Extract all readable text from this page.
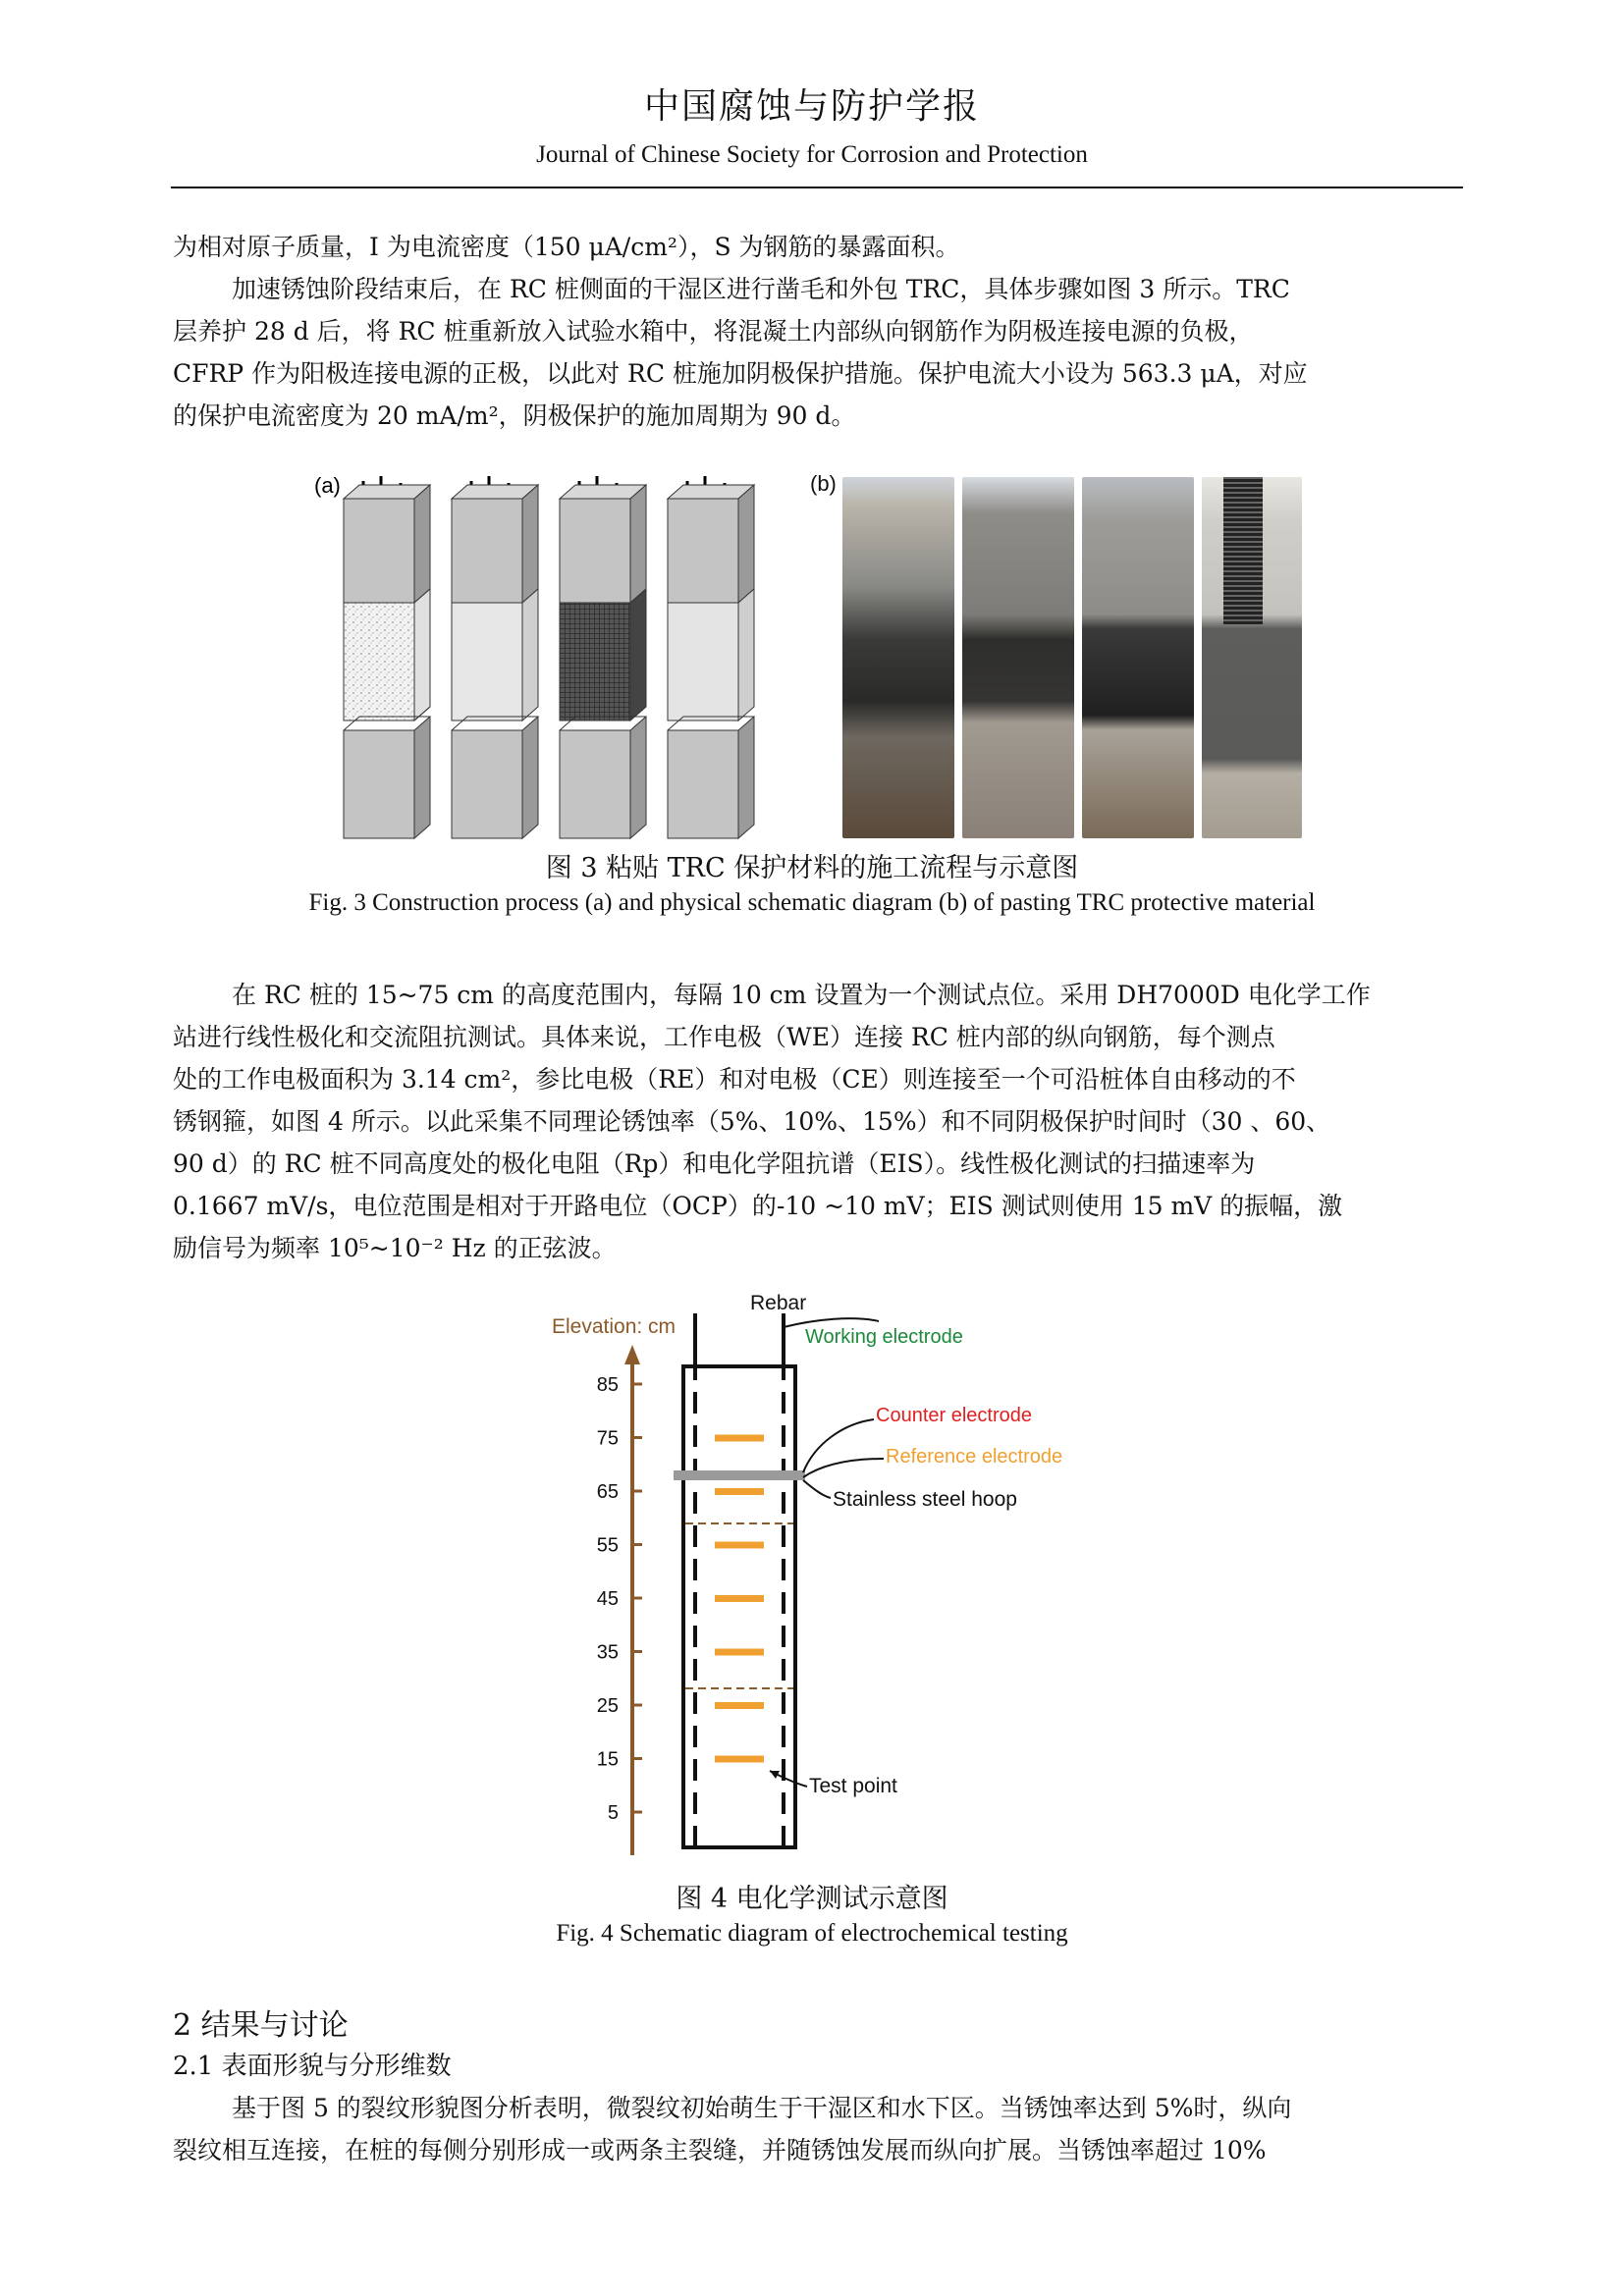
中国腐蚀与防护学报
Journal of Chinese Society for Corrosion and Protection
为相对原子质量，I 为电流密度（150 μA/cm²），S 为钢筋的暴露面积。
加速锈蚀阶段结束后，在 RC 桩侧面的干湿区进行凿毛和外包 TRC，具体步骤如图 3 所示。TRC
层养护 28 d 后，将 RC 桩重新放入试验水箱中，将混凝土内部纵向钢筋作为阴极连接电源的负极，
CFRP 作为阳极连接电源的正极，以此对 RC 桩施加阴极保护措施。保护电流大小设为 563.3 μA，对应
的保护电流密度为 20 mA/m²，阴极保护的施加周期为 90 d。
(a)	(b)
图 3 粘贴 TRC 保护材料的施工流程与示意图
Fig. 3 Construction process (a) and physical schematic diagram (b) of pasting TRC protective material
在 RC 桩的 15~75 cm 的高度范围内，每隔 10 cm 设置为一个测试点位。采用 DH7000D 电化学工作
站进行线性极化和交流阻抗测试。具体来说，工作电极（WE）连接 RC 桩内部的纵向钢筋，每个测点
处的工作电极面积为 3.14 cm²，参比电极（RE）和对电极（CE）则连接至一个可沿桩体自由移动的不
锈钢箍，如图 4 所示。以此采集不同理论锈蚀率（5%、10%、15%）和不同阴极保护时间时（30 、60、
90 d）的 RC 桩不同高度处的极化电阻（Rp）和电化学阻抗谱（EIS）。线性极化测试的扫描速率为
0.1667 mV/s，电位范围是相对于开路电位（OCP）的-10 ~10 mV；EIS 测试则使用 15 mV 的振幅，激
励信号为频率 10⁵~10⁻² Hz 的正弦波。
Elevation: cm
85
75
65
55
45
35
25
15
5
Rebar
Working electrode
Counter electrode
Reference electrode
Stainless steel hoop
Test point
图 4 电化学测试示意图
Fig. 4 Schematic diagram of electrochemical testing
2 结果与讨论
2.1 表面形貌与分形维数
基于图 5 的裂纹形貌图分析表明，微裂纹初始萌生于干湿区和水下区。当锈蚀率达到 5%时，纵向
裂纹相互连接，在桩的每侧分别形成一或两条主裂缝，并随锈蚀发展而纵向扩展。当锈蚀率超过 10%
